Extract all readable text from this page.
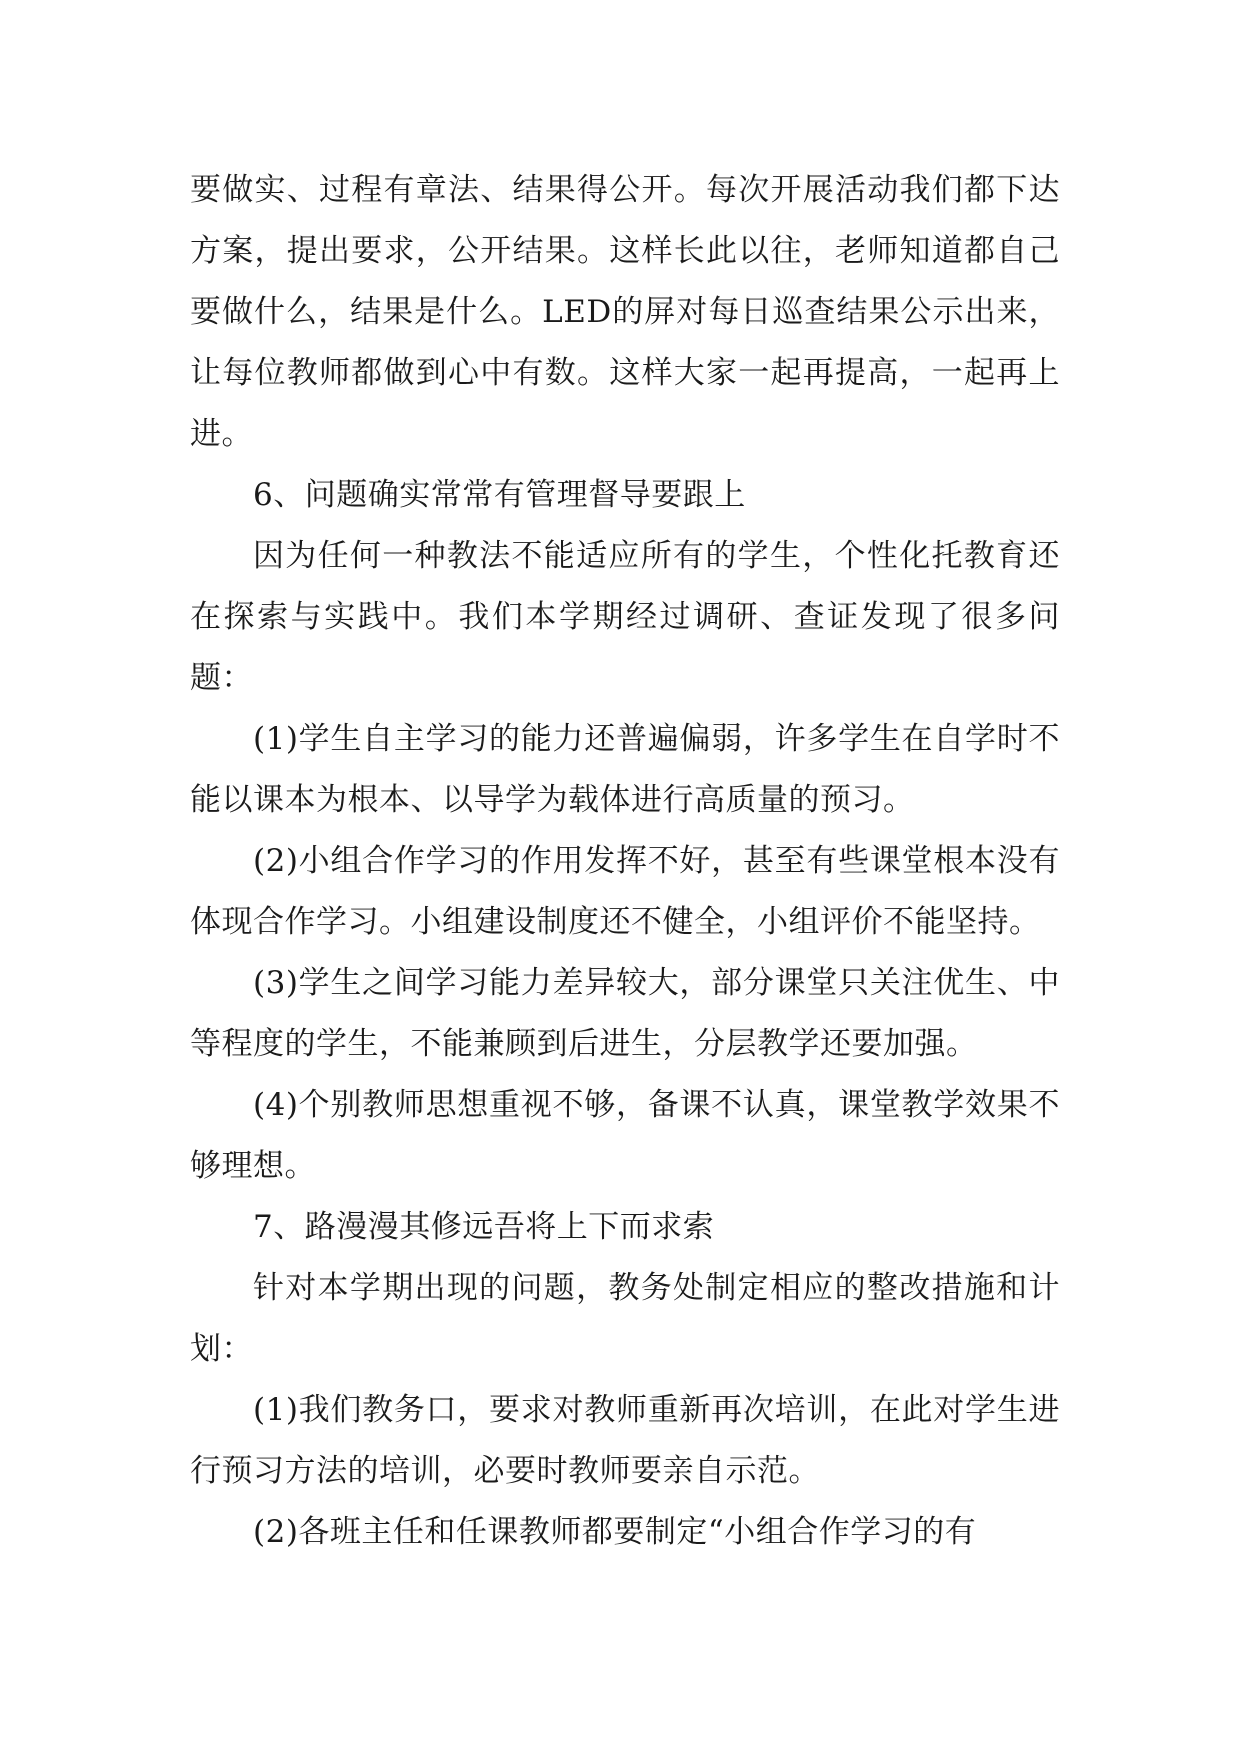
要做实、过程有章法、结果得公开。每次开展活动我们都下达方案，提出要求，公开结果。这样长此以往，老师知道都自己要做什么，结果是什么。LED的屏对每日巡查结果公示出来，让每位教师都做到心中有数。这样大家一起再提高，一起再上进。

6、问题确实常常有管理督导要跟上

因为任何一种教法不能适应所有的学生，个性化托教育还在探索与实践中。我们本学期经过调研、查证发现了很多问题：

(1)学生自主学习的能力还普遍偏弱，许多学生在自学时不能以课本为根本、以导学为载体进行高质量的预习。

(2)小组合作学习的作用发挥不好，甚至有些课堂根本没有体现合作学习。小组建设制度还不健全，小组评价不能坚持。

(3)学生之间学习能力差异较大，部分课堂只关注优生、中等程度的学生，不能兼顾到后进生，分层教学还要加强。

(4)个别教师思想重视不够，备课不认真，课堂教学效果不够理想。

7、路漫漫其修远吾将上下而求索

针对本学期出现的问题，教务处制定相应的整改措施和计划：

(1)我们教务口，要求对教师重新再次培训，在此对学生进行预习方法的培训，必要时教师要亲自示范。

(2)各班主任和任课教师都要制定“小组合作学习的有
